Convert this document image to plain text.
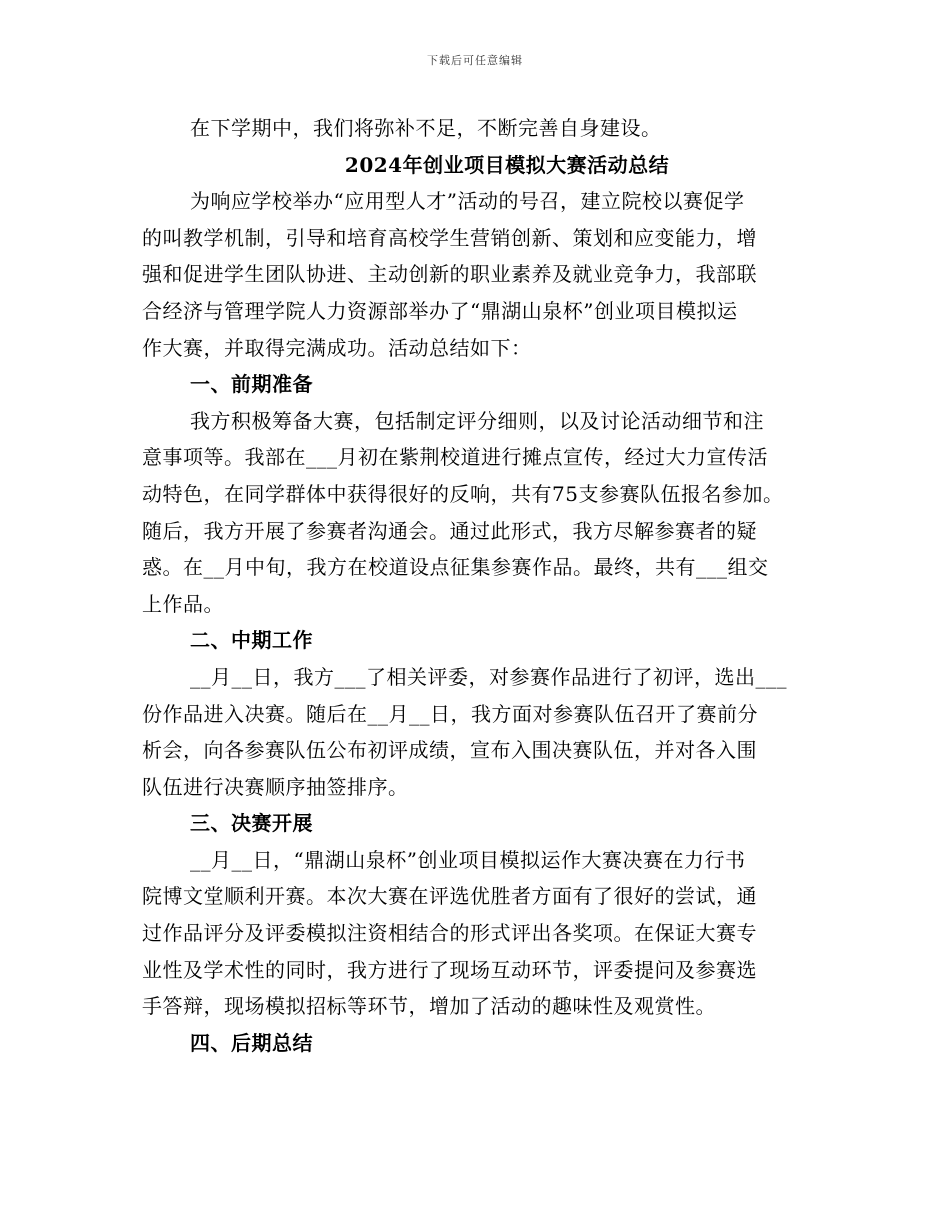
下载后可任意编辑
在下学期中，我们将弥补不足，不断完善自身建设。
2024年创业项目模拟大赛活动总结
为响应学校举办“应用型人才”活动的号召，建立院校以赛促学
的叫教学机制，引导和培育高校学生营销创新、策划和应变能力，增
强和促进学生团队协进、主动创新的职业素养及就业竞争力，我部联
合经济与管理学院人力资源部举办了“鼎湖山泉杯”创业项目模拟运
作大赛，并取得完满成功。活动总结如下：
一、前期准备
我方积极筹备大赛，包括制定评分细则，以及讨论活动细节和注
意事项等。我部在___月初在紫荆校道进行摊点宣传，经过大力宣传活
动特色，在同学群体中获得很好的反响，共有75支参赛队伍报名参加。
随后，我方开展了参赛者沟通会。通过此形式，我方尽解参赛者的疑
惑。在__月中旬，我方在校道设点征集参赛作品。最终，共有___组交
上作品。
二、中期工作
__月__日，我方___了相关评委，对参赛作品进行了初评，选出___
份作品进入决赛。随后在__月__日，我方面对参赛队伍召开了赛前分
析会，向各参赛队伍公布初评成绩，宣布入围决赛队伍，并对各入围
队伍进行决赛顺序抽签排序。
三、决赛开展
__月__日，“鼎湖山泉杯”创业项目模拟运作大赛决赛在力行书
院博文堂顺利开赛。本次大赛在评选优胜者方面有了很好的尝试，通
过作品评分及评委模拟注资相结合的形式评出各奖项。在保证大赛专
业性及学术性的同时，我方进行了现场互动环节，评委提问及参赛选
手答辩，现场模拟招标等环节，增加了活动的趣味性及观赏性。
四、后期总结
